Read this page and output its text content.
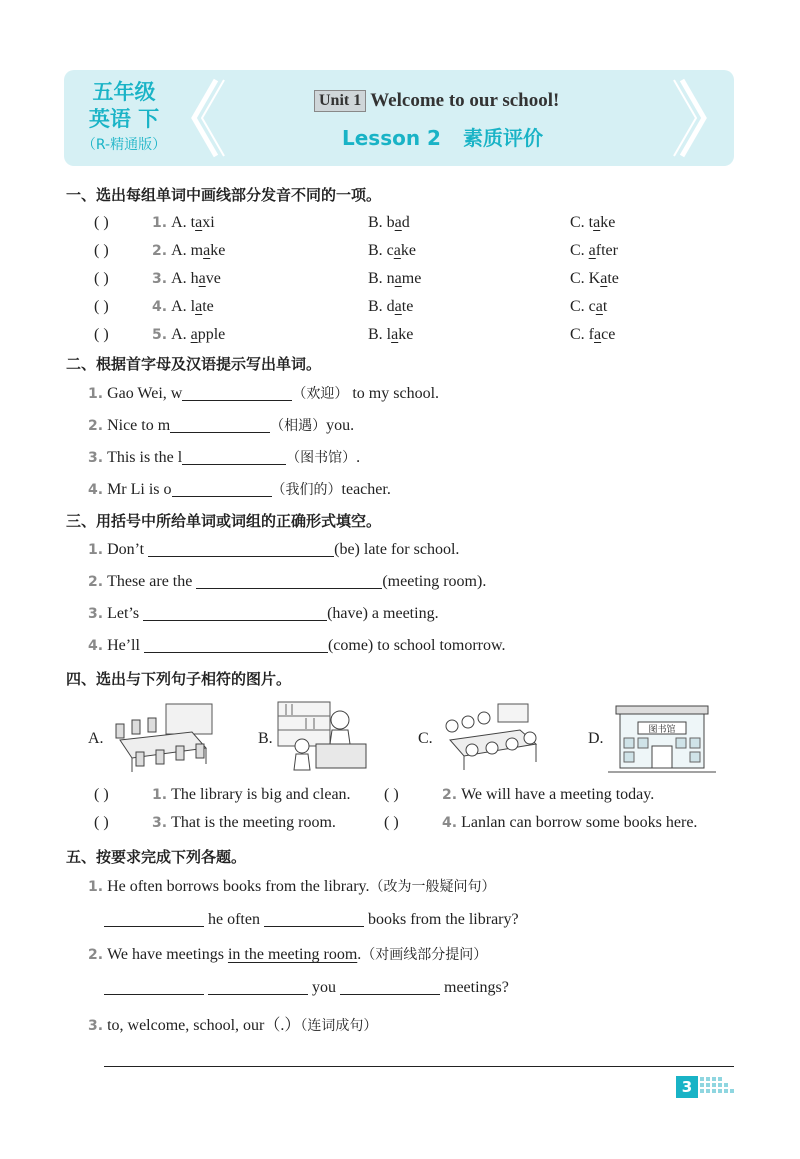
五年级
英语 下
（R-精通版）
Unit 1 Welcome to our school!
Lesson 2 素质评价
一、选出每组单词中画线部分发音不同的一项。
( )	1. A. taxi	B. bad	C. take
( )	2. A. make	B. cake	C. after
( )	3. A. have	B. name	C. Kate
( )	4. A. late	B. date	C. cat
( )	5. A. apple	B. lake	C. face
二、根据首字母及汉语提示写出单词。
1. Gao Wei, w	（欢迎） to my school.
2. Nice to m	（相遇）you.
3. This is the l	（图书馆）.
4. Mr Li is o	（我们的）teacher.
三、用括号中所给单词或词组的正确形式填空。
1. Don’t	(be) late for school.
2. These are the	(meeting room).
3. Let’s	(have) a meeting.
4. He’ll	(come) to school tomorrow.
四、选出与下列句子相符的图片。
A.	B.	C.	D.	图书馆
( )	1. The library is big and clean. ( )	2. We will have a meeting today.
( )	3. That is the meeting room.	( )	4. Lanlan can borrow some books here.
五、按要求完成下列各题。
1. He often borrows books from the library.（改为一般疑问句）
he often	books from the library?
2. We have meetings in the meeting room.（对画线部分提问）
you	meetings?
3. to, welcome, school, our（.）（连词成句）
3
